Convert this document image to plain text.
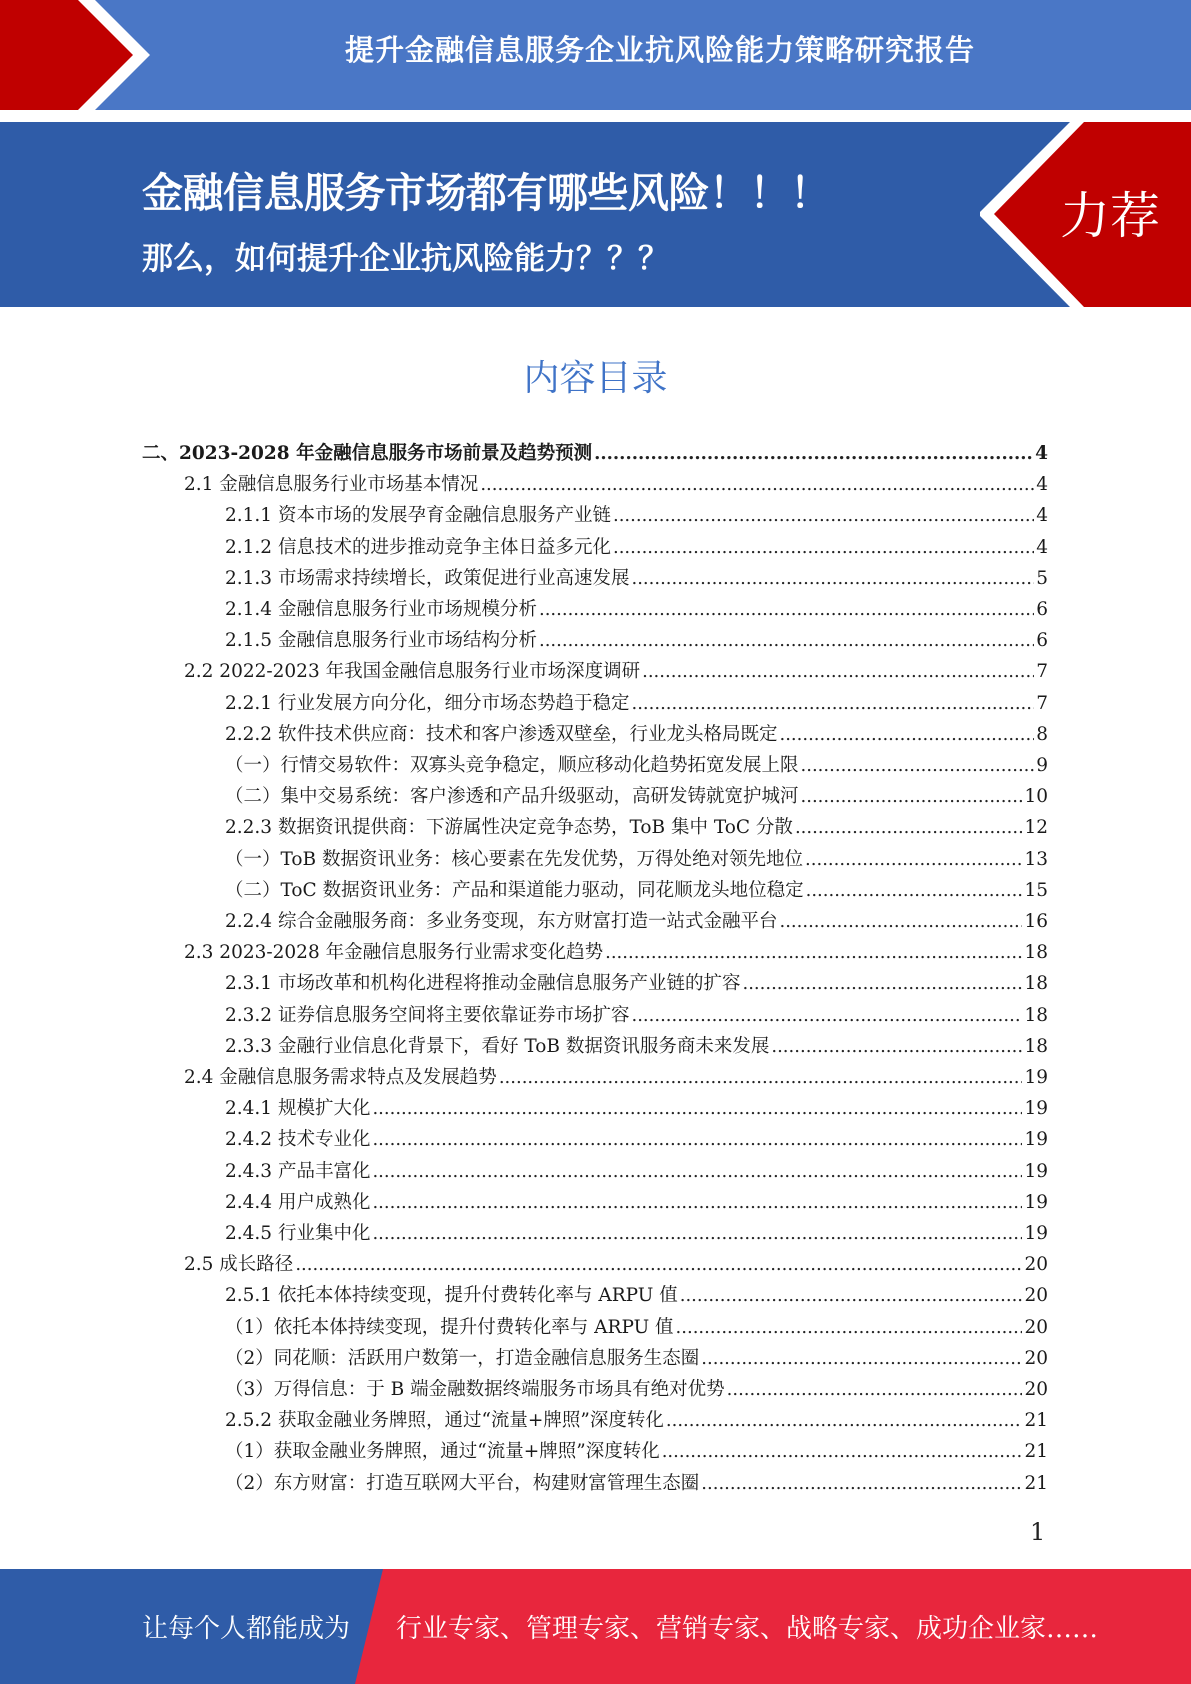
提升金融信息服务企业抗风险能力策略研究报告
金融信息服务市场都有哪些风险！！！
那么，如何提升企业抗风险能力？？？
力荐
内容目录
二、2023-2028 年金融信息服务市场前景及趋势预测 .....	4
2.1 金融信息服务行业市场基本情况 .....	4
2.1.1 资本市场的发展孕育金融信息服务产业链 .....	4
2.1.2 信息技术的进步推动竞争主体日益多元化 .....	4
2.1.3 市场需求持续增长，政策促进行业高速发展 .....	5
2.1.4 金融信息服务行业市场规模分析 .....	6
2.1.5 金融信息服务行业市场结构分析 .....	6
2.2 2022-2023 年我国金融信息服务行业市场深度调研 .....	7
2.2.1 行业发展方向分化，细分市场态势趋于稳定 .....	7
2.2.2 软件技术供应商：技术和客户渗透双壁垒，行业龙头格局既定 .....	8
（一）行情交易软件：双寡头竞争稳定，顺应移动化趋势拓宽发展上限 .....	9
（二）集中交易系统：客户渗透和产品升级驱动，高研发铸就宽护城河 .....	10
2.2.3 数据资讯提供商：下游属性决定竞争态势，ToB 集中 ToC 分散 .....	12
（一）ToB 数据资讯业务：核心要素在先发优势，万得处绝对领先地位 .....	13
（二）ToC 数据资讯业务：产品和渠道能力驱动，同花顺龙头地位稳定 .....	15
2.2.4 综合金融服务商：多业务变现，东方财富打造一站式金融平台 .....	16
2.3 2023-2028 年金融信息服务行业需求变化趋势 .....	18
2.3.1 市场改革和机构化进程将推动金融信息服务产业链的扩容 .....	18
2.3.2 证券信息服务空间将主要依靠证券市场扩容 .....	18
2.3.3 金融行业信息化背景下，看好 ToB 数据资讯服务商未来发展 .....	18
2.4 金融信息服务需求特点及发展趋势 .....	19
2.4.1 规模扩大化 .....	19
2.4.2 技术专业化 .....	19
2.4.3 产品丰富化 .....	19
2.4.4 用户成熟化 .....	19
2.4.5 行业集中化 .....	19
2.5 成长路径 .....	20
2.5.1 依托本体持续变现，提升付费转化率与 ARPU 值 .....	20
（1）依托本体持续变现，提升付费转化率与 ARPU 值 .....	20
（2）同花顺：活跃用户数第一，打造金融信息服务生态圈 .....	20
（3）万得信息：于 B 端金融数据终端服务市场具有绝对优势 .....	20
2.5.2 获取金融业务牌照，通过“流量+牌照”深度转化 .....	21
（1）获取金融业务牌照，通过“流量+牌照”深度转化 .....	21
（2）东方财富：打造互联网大平台，构建财富管理生态圈 .....	21
1
让每个人都能成为 行业专家、管理专家、营销专家、战略专家、成功企业家……
